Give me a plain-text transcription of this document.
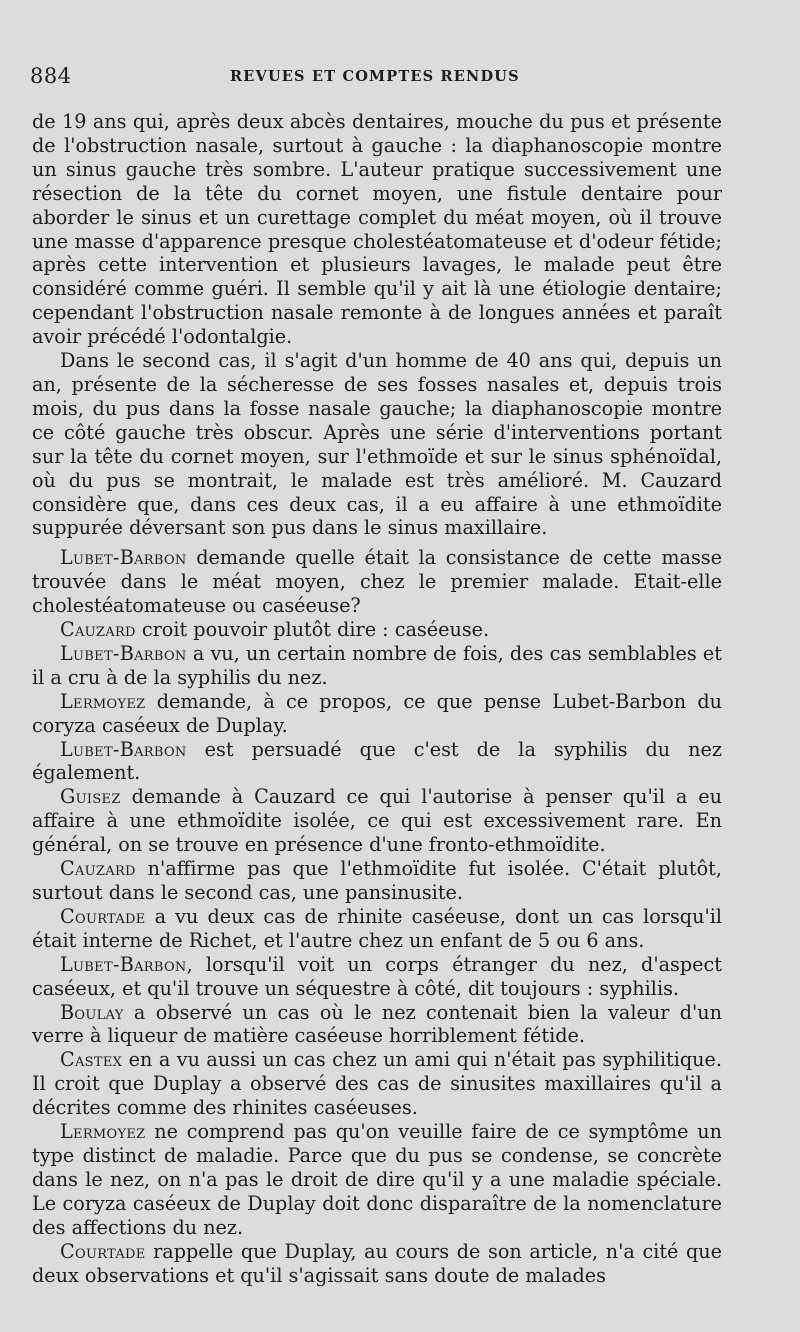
884	REVUES ET COMPTES RENDUS

de 19 ans qui, après deux abcès dentaires, mouche du pus et présente de l'obstruction nasale, surtout à gauche : la diaphanoscopie montre un sinus gauche très sombre. L'auteur pratique successivement une résection de la tête du cornet moyen, une fistule dentaire pour aborder le sinus et un curettage complet du méat moyen, où il trouve une masse d'apparence presque cholestéatomateuse et d'odeur fétide; après cette intervention et plusieurs lavages, le malade peut être considéré comme guéri. Il semble qu'il y ait là une étiologie dentaire; cependant l'obstruction nasale remonte à de longues années et paraît avoir précédé l'odontalgie.

Dans le second cas, il s'agit d'un homme de 40 ans qui, depuis un an, présente de la sécheresse de ses fosses nasales et, depuis trois mois, du pus dans la fosse nasale gauche; la diaphanoscopie montre ce côté gauche très obscur. Après une série d'interventions portant sur la tête du cornet moyen, sur l'ethmoïde et sur le sinus sphénoïdal, où du pus se montrait, le malade est très amélioré. M. Cauzard considère que, dans ces deux cas, il a eu affaire à une ethmoïdite suppurée déversant son pus dans le sinus maxillaire.

Lubet-Barbon demande quelle était la consistance de cette masse trouvée dans le méat moyen, chez le premier malade. Etait-elle cholestéatomateuse ou caséeuse?

Cauzard croit pouvoir plutôt dire : caséeuse.

Lubet-Barbon a vu, un certain nombre de fois, des cas semblables et il a cru à de la syphilis du nez.

Lermoyez demande, à ce propos, ce que pense Lubet-Barbon du coryza caséeux de Duplay.

Lubet-Barbon est persuadé que c'est de la syphilis du nez également.

Guisez demande à Cauzard ce qui l'autorise à penser qu'il a eu affaire à une ethmoïdite isolée, ce qui est excessivement rare. En général, on se trouve en présence d'une fronto-ethmoïdite.

Cauzard n'affirme pas que l'ethmoïdite fut isolée. C'était plutôt, surtout dans le second cas, une pansinusite.

Courtade a vu deux cas de rhinite caséeuse, dont un cas lorsqu'il était interne de Richet, et l'autre chez un enfant de 5 ou 6 ans.

Lubet-Barbon, lorsqu'il voit un corps étranger du nez, d'aspect caséeux, et qu'il trouve un séquestre à côté, dit toujours : syphilis.

Boulay a observé un cas où le nez contenait bien la valeur d'un verre à liqueur de matière caséeuse horriblement fétide.

Castex en a vu aussi un cas chez un ami qui n'était pas syphilitique. Il croit que Duplay a observé des cas de sinusites maxillaires qu'il a décrites comme des rhinites caséeuses.

Lermoyez ne comprend pas qu'on veuille faire de ce symptôme un type distinct de maladie. Parce que du pus se condense, se concrète dans le nez, on n'a pas le droit de dire qu'il y a une maladie spéciale. Le coryza caséeux de Duplay doit donc disparaître de la nomenclature des affections du nez.

Courtade rappelle que Duplay, au cours de son article, n'a cité que deux observations et qu'il s'agissait sans doute de malades
